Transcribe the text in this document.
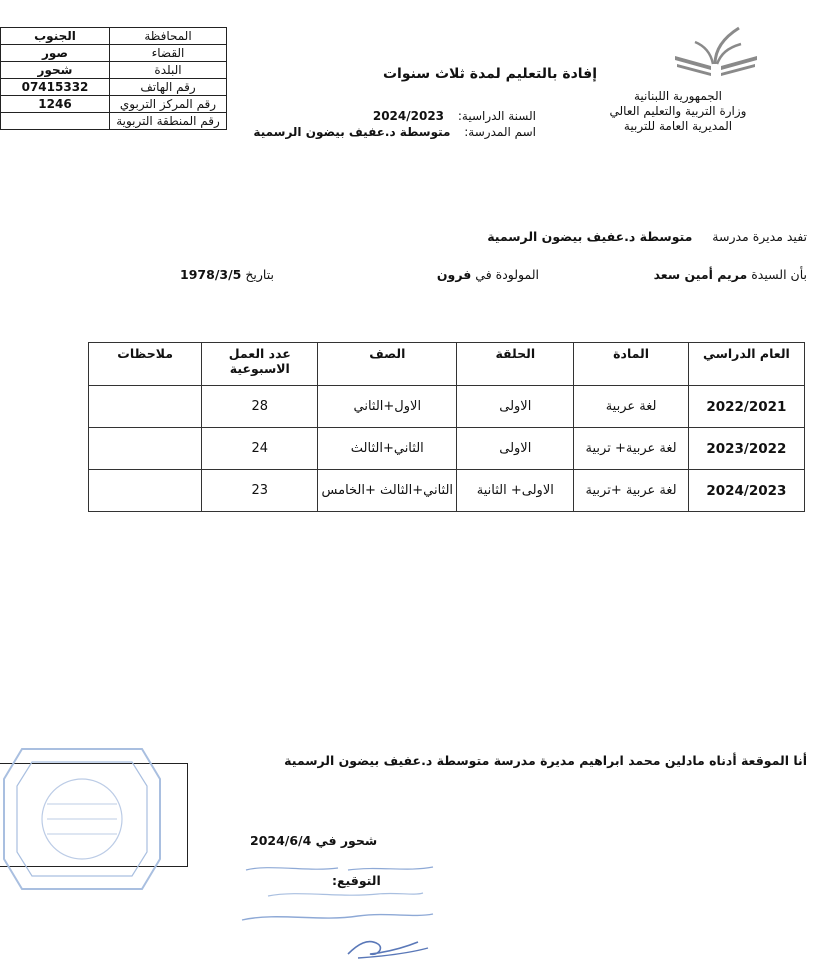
الجنوب	المحافظة
صور	القضاء
شحور	البلدة
07415332	رقم الهاتف
1246	رقم المركز التربوي
	رقم المنطقة التربوية
الجمهورية اللبنانية
وزارة التربية والتعليم العالي
المديرية العامة للتربية
إفادة بالتعليم لمدة ثلاث سنوات
السنة الدراسية: 2024/2023
اسم المدرسة: متوسطة د.عفيف بيضون الرسمية
تفيد مديرة مدرسة     متوسطة د.عفيف بيضون الرسمية
بأن السيدة مريم أمين سعد
المولودة في فرون
بتاريخ 1978/3/5
العام الدراسي	المادة	الحلقة	الصف	عدد العمل الاسبوعية	ملاحظات
2022/2021	لغة عربية	الاولى	الاول+الثاني	28	
2023/2022	لغة عربية+ تربية	الاولى	الثاني+الثالث	24	
2024/2023	لغة عربية +تربية	الاولى+ الثانية	الثاني+الثالث +الخامس	23	
أنا الموقعة أدناه مادلين محمد ابراهيم مديرة مدرسة متوسطة د.عفيف بيضون الرسمية
شحور في 2024/6/4
التوقيع:
